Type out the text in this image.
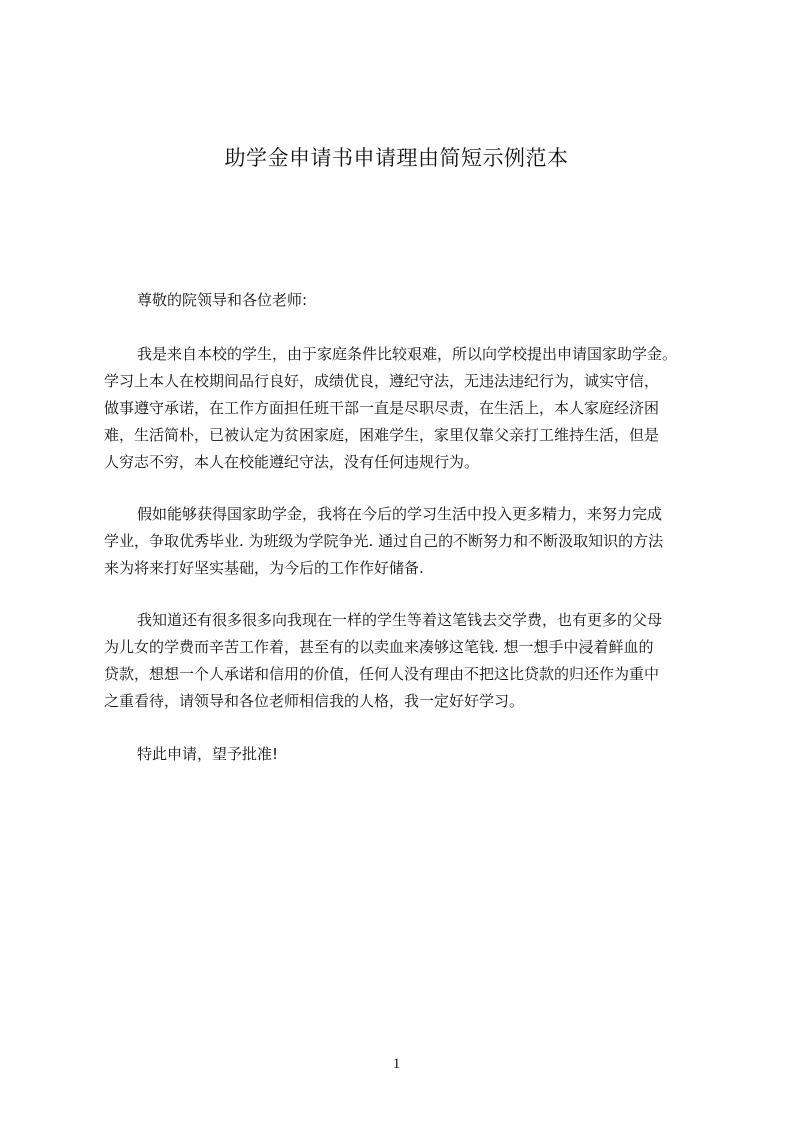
助学金申请书申请理由简短示例范本
尊敬的院领导和各位老师:
我是来自本校的学生，由于家庭条件比较艰难，所以向学校提出申请国家助学金。
学习上本人在校期间品行良好，成绩优良，遵纪守法，无违法违纪行为，诚实守信，
做事遵守承诺，在工作方面担任班干部一直是尽职尽责，在生活上，本人家庭经济困
难，生活简朴，已被认定为贫困家庭，困难学生，家里仅靠父亲打工维持生活，但是
人穷志不穷，本人在校能遵纪守法，没有任何违规行为。
假如能够获得国家助学金，我将在今后的学习生活中投入更多精力，来努力完成
学业，争取优秀毕业. 为班级为学院争光. 通过自己的不断努力和不断汲取知识的方法
来为将来打好坚实基础，为今后的工作作好储备.
我知道还有很多很多向我现在一样的学生等着这笔钱去交学费，也有更多的父母
为儿女的学费而辛苦工作着，甚至有的以卖血来凑够这笔钱. 想一想手中浸着鲜血的
贷款，想想一个人承诺和信用的价值，任何人没有理由不把这比贷款的归还作为重中
之重看待，请领导和各位老师相信我的人格，我一定好好学习。
特此申请，望予批准!
1
